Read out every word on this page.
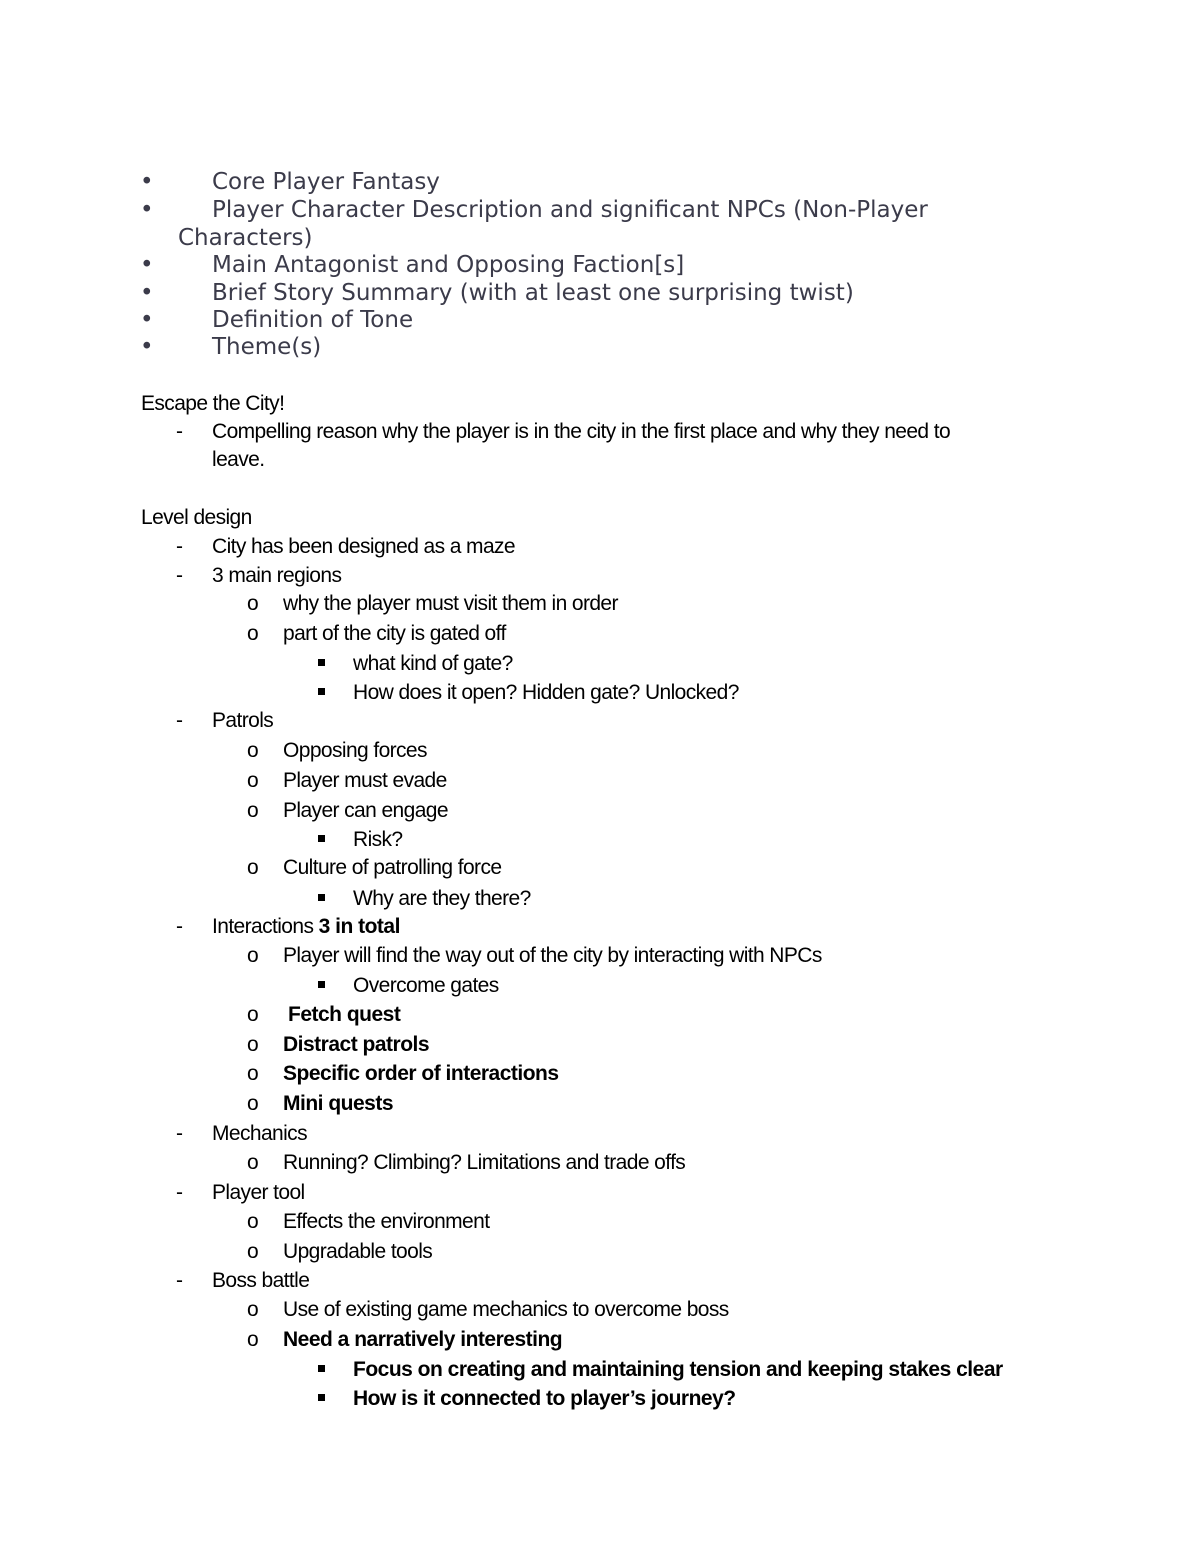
•	Core Player Fantasy
•	Player Character Description and significant NPCs (Non-Player
Characters)
•	Main Antagonist and Opposing Faction[s]
•	Brief Story Summary (with at least one surprising twist)
•	Definition of Tone
•	Theme(s)
Escape the City!
- Compelling reason why the player is in the city in the first place and why they need to
leave.
Level design
- City has been designed as a maze
- 3 main regions
o why the player must visit them in order
o part of the city is gated off
what kind of gate?
How does it open? Hidden gate? Unlocked?
- Patrols
o Opposing forces
o Player must evade
o Player can engage
Risk?
o Culture of patrolling force
Why are they there?
- Interactions 3 in total
o Player will find the way out of the city by interacting with NPCs
Overcome gates
o Fetch quest
o Distract patrols
o Specific order of interactions
o Mini quests
- Mechanics
o Running? Climbing? Limitations and trade offs
- Player tool
o Effects the environment
o Upgradable tools
- Boss battle
o Use of existing game mechanics to overcome boss
o Need a narratively interesting
Focus on creating and maintaining tension and keeping stakes clear
How is it connected to player’s journey?
